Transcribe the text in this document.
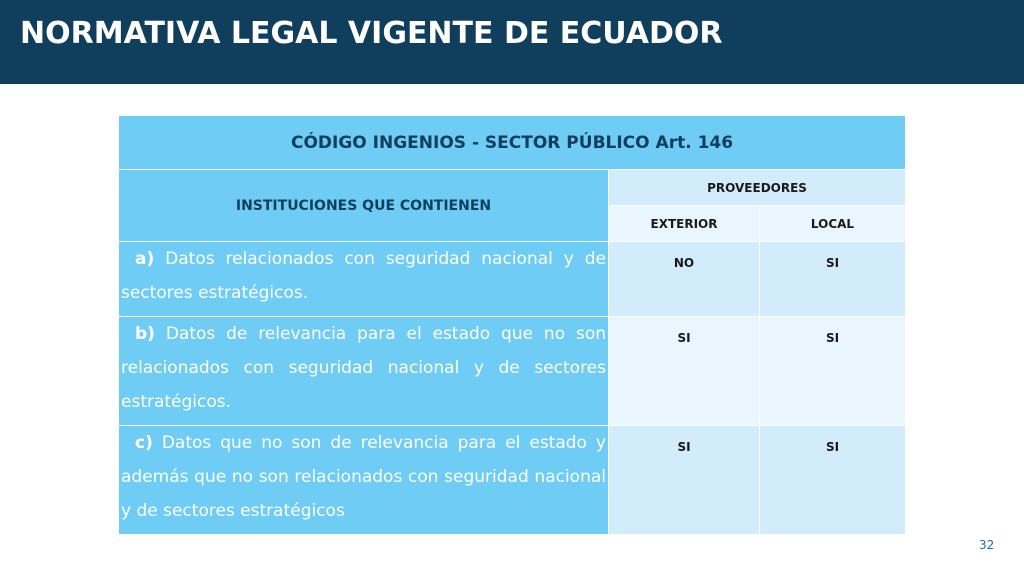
NORMATIVA LEGAL VIGENTE DE ECUADOR
CÓDIGO INGENIOS - SECTOR PÚBLICO Art. 146		
INSTITUCIONES QUE CONTIENEN	PROVEEDORES	
	EXTERIOR	LOCAL
a) Datos relacionados con seguridad nacional y de sectores estratégicos.	NO	SI
b) Datos de relevancia para el estado que no son relacionados con seguridad nacional y de sectores estratégicos.	SI	SI
c) Datos que no son de relevancia para el estado y además que no son relacionados con seguridad nacional y de sectores estratégicos	SI	SI
32
